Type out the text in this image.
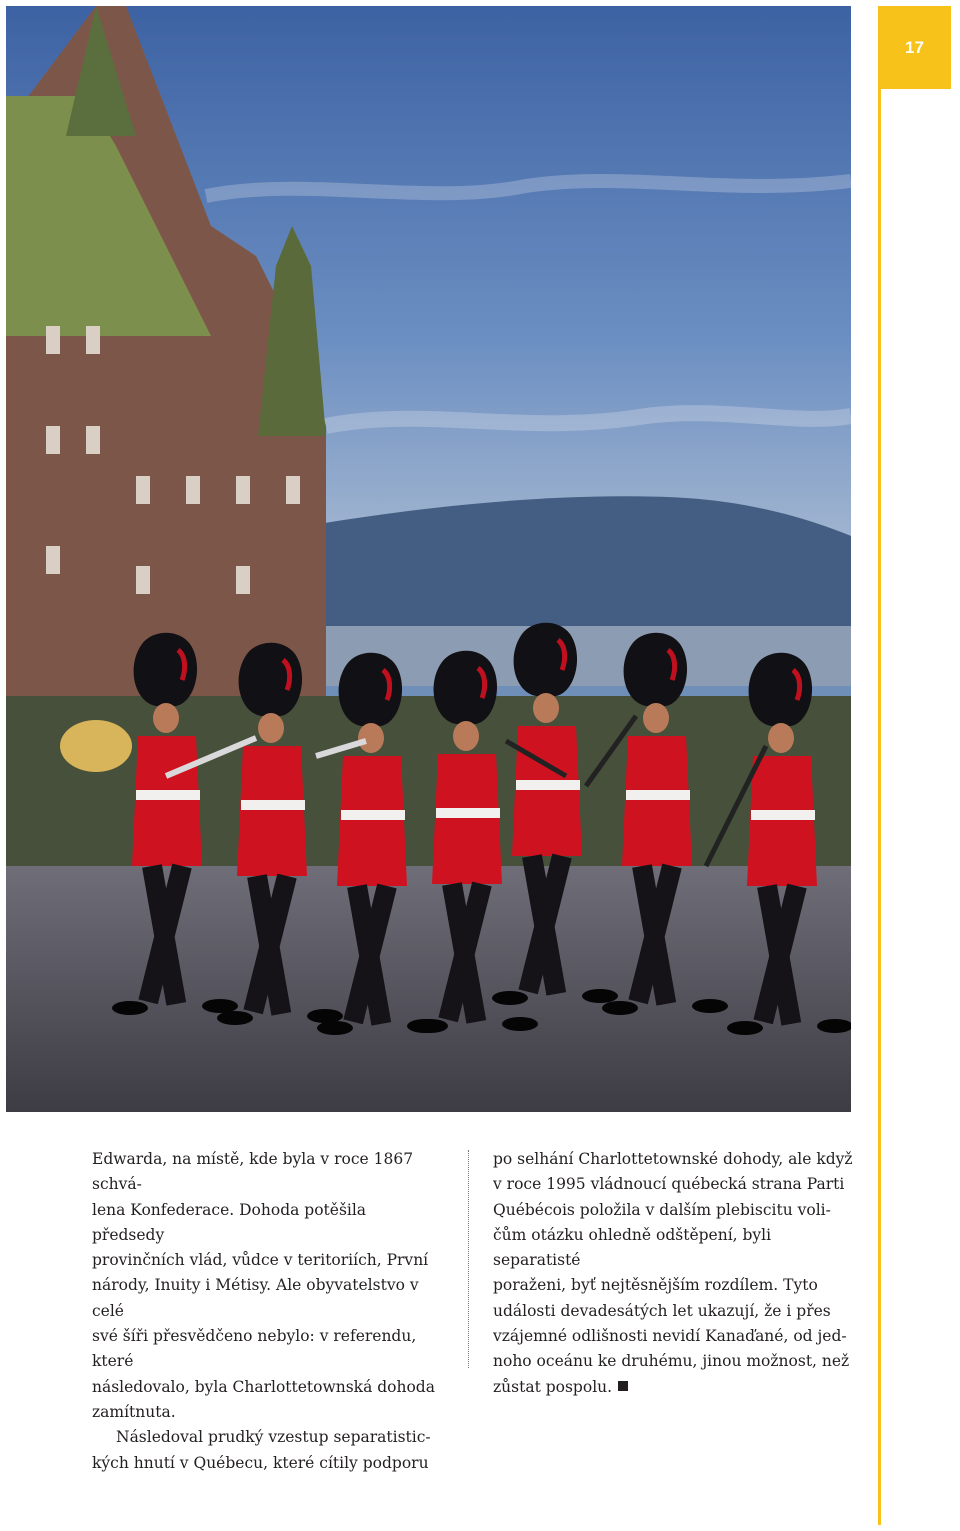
17

Edwarda, na místě, kde byla v roce 1867 schvá-
lena Konfederace. Dohoda potěšila předsedy
provinčních vlád, vůdce v teritoriích, První
národy, Inuity i Métisy. Ale obyvatelstvo v celé
své šíři přesvědčeno nebylo: v referendu, které
následovalo, byla Charlottetownská dohoda
zamítnuta.

Následoval prudký vzestup separatistic-
kých hnutí v Québecu, které cítily podporu

po selhání Charlottetownské dohody, ale když
v roce 1995 vládnoucí québecká strana Parti
Québécois položila v dalším plebiscitu voli-
čům otázku ohledně odštěpení, byli separatisté
poraženi, byť nejtěsnějším rozdílem. Tyto
události devadesátých let ukazují, že i přes
vzájemné odlišnosti nevidí Kanaďané, od jed-
noho oceánu ke druhému, jinou možnost, než
zůstat pospolu.
